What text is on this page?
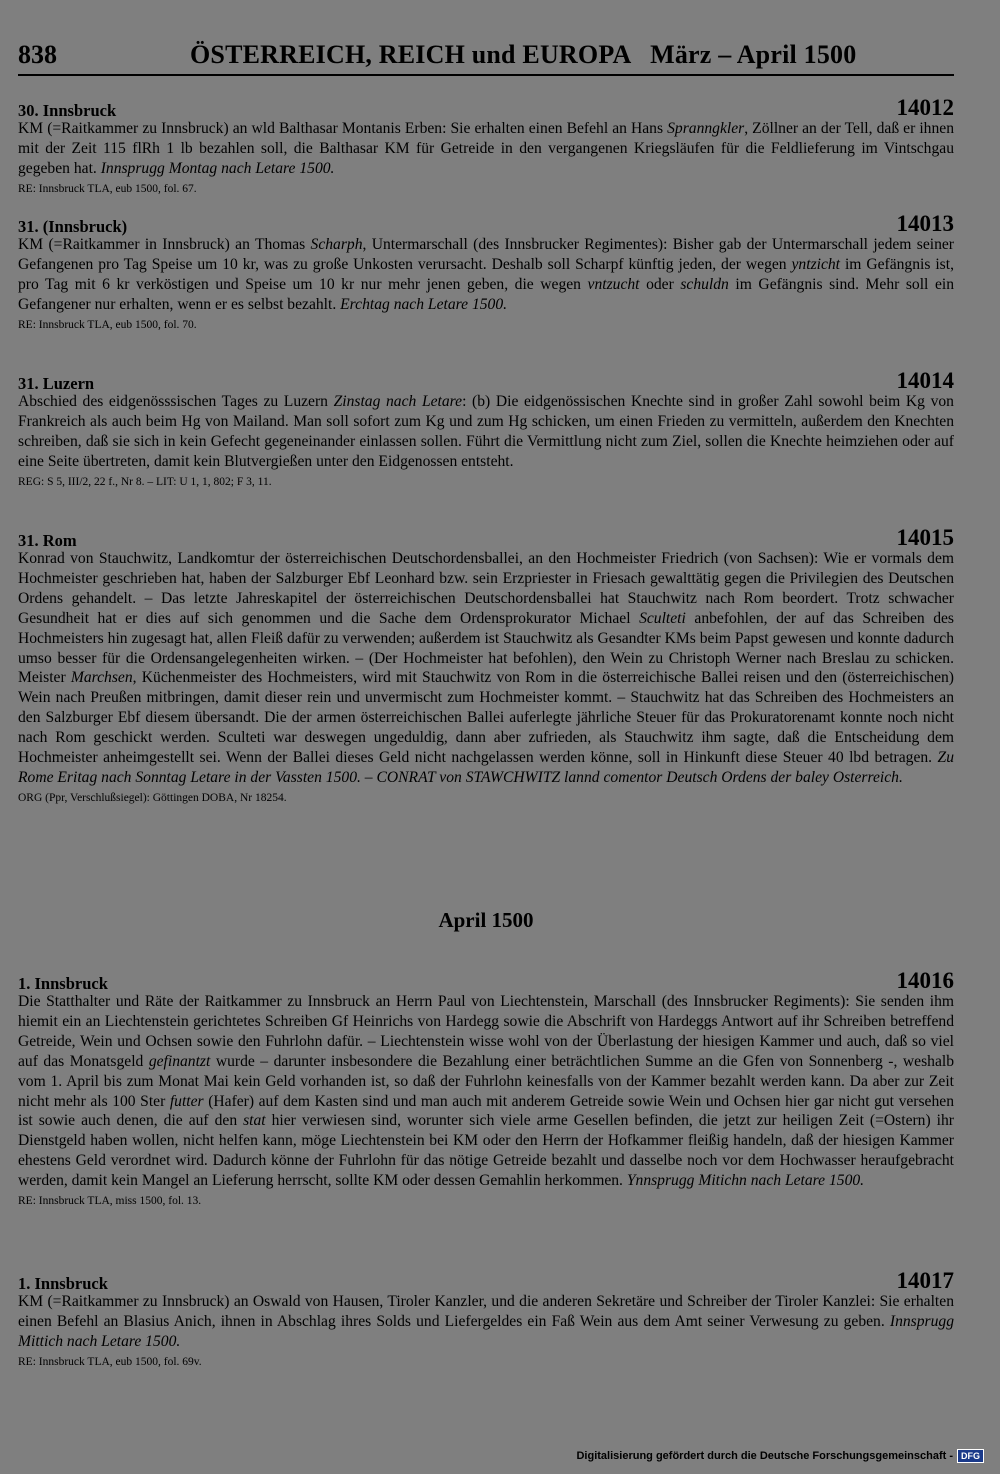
838	ÖSTERREICH, REICH und EUROPA   März – April 1500
30. Innsbruck	14012

KM (=Raitkammer zu Innsbruck) an wld Balthasar Montanis Erben: Sie erhalten einen Befehl an Hans Spranngkler, Zöllner an der Tell, daß er ihnen mit der Zeit 115 flRh 1 lb bezahlen soll, die Balthasar KM für Getreide in den vergangenen Kriegsläufen für die Feldlieferung im Vintschgau gegeben hat. Innsprugg Montag nach Letare 1500.

RE: Innsbruck TLA, eub 1500, fol. 67.
31. (Innsbruck)	14013

KM (=Raitkammer in Innsbruck) an Thomas Scharph, Untermarschall (des Innsbrucker Regimentes): Bisher gab der Untermarschall jedem seiner Gefangenen pro Tag Speise um 10 kr, was zu große Unkosten verursacht. Deshalb soll Scharpf künftig jeden, der wegen yntzicht im Gefängnis ist, pro Tag mit 6 kr verköstigen und Speise um 10 kr nur mehr jenen geben, die wegen vntzucht oder schuldn im Gefängnis sind. Mehr soll ein Gefangener nur erhalten, wenn er es selbst bezahlt. Erchtag nach Letare 1500.

RE: Innsbruck TLA, eub 1500, fol. 70.
31. Luzern	14014

Abschied des eidgenösssischen Tages zu Luzern Zinstag nach Letare: (b) Die eidgenössischen Knechte sind in großer Zahl sowohl beim Kg von Frankreich als auch beim Hg von Mailand. Man soll sofort zum Kg und zum Hg schicken, um einen Frieden zu vermitteln, außerdem den Knechten schreiben, daß sie sich in kein Gefecht gegeneinander einlassen sollen. Führt die Vermittlung nicht zum Ziel, sollen die Knechte heimziehen oder auf eine Seite übertreten, damit kein Blutvergießen unter den Eidgenossen entsteht.

REG: S 5, III/2, 22 f., Nr 8. – LIT: U 1, 1, 802; F 3, 11.
31. Rom	14015

Konrad von Stauchwitz, Landkomtur der österreichischen Deutschordensballei, an den Hochmeister Friedrich (von Sachsen): Wie er vormals dem Hochmeister geschrieben hat, haben der Salzburger Ebf Leonhard bzw. sein Erzpriester in Friesach gewalttätig gegen die Privilegien des Deutschen Ordens gehandelt. – Das letzte Jahreskapitel der österreichischen Deutschordensballei hat Stauchwitz nach Rom beordert. Trotz schwacher Gesundheit hat er dies auf sich genommen und die Sache dem Ordensprokurator Michael Sculteti anbefohlen, der auf das Schreiben des Hochmeisters hin zugesagt hat, allen Fleiß dafür zu verwenden; außerdem ist Stauchwitz als Gesandter KMs beim Papst gewesen und konnte dadurch umso besser für die Ordensangelegenheiten wirken. – (Der Hochmeister hat befohlen), den Wein zu Christoph Werner nach Breslau zu schicken. Meister Marchsen, Küchenmeister des Hochmeisters, wird mit Stauchwitz von Rom in die österreichische Ballei reisen und den (österreichischen) Wein nach Preußen mitbringen, damit dieser rein und unvermischt zum Hochmeister kommt. – Stauchwitz hat das Schreiben des Hochmeisters an den Salzburger Ebf diesem übersandt. Die der armen österreichischen Ballei auferlegte jährliche Steuer für das Prokuratorenamt konnte noch nicht nach Rom geschickt werden. Sculteti war deswegen ungeduldig, dann aber zufrieden, als Stauchwitz ihm sagte, daß die Entscheidung dem Hochmeister anheimgestellt sei. Wenn der Ballei dieses Geld nicht nachgelassen werden könne, soll in Hinkunft diese Steuer 40 lbd betragen. Zu Rome Eritag nach Sonntag Letare in der Vassten 1500. – CONRAT von STAWCHWITZ lannd comentor Deutsch Ordens der baley Osterreich.

ORG (Ppr, Verschlußsiegel): Göttingen DOBA, Nr 18254.
April 1500
1. Innsbruck	14016

Die Statthalter und Räte der Raitkammer zu Innsbruck an Herrn Paul von Liechtenstein, Marschall (des Innsbrucker Regiments): Sie senden ihm hiemit ein an Liechtenstein gerichtetes Schreiben Gf Heinrichs von Hardegg sowie die Abschrift von Hardeggs Antwort auf ihr Schreiben betreffend Getreide, Wein und Ochsen sowie den Fuhrlohn dafür. – Liechtenstein wisse wohl von der Überlastung der hiesigen Kammer und auch, daß so viel auf das Monatsgeld gefinantzt wurde – darunter insbesondere die Bezahlung einer beträchtlichen Summe an die Gfen von Sonnenberg -, weshalb vom 1. April bis zum Monat Mai kein Geld vorhanden ist, so daß der Fuhrlohn keinesfalls von der Kammer bezahlt werden kann. Da aber zur Zeit nicht mehr als 100 Ster futter (Hafer) auf dem Kasten sind und man auch mit anderem Getreide sowie Wein und Ochsen hier gar nicht gut versehen ist sowie auch denen, die auf den stat hier verwiesen sind, worunter sich viele arme Gesellen befinden, die jetzt zur heiligen Zeit (=Ostern) ihr Dienstgeld haben wollen, nicht helfen kann, möge Liechtenstein bei KM oder den Herrn der Hofkammer fleißig handeln, daß der hiesigen Kammer ehestens Geld verordnet wird. Dadurch könne der Fuhrlohn für das nötige Getreide bezahlt und dasselbe noch vor dem Hochwasser heraufgebracht werden, damit kein Mangel an Lieferung herrscht, sollte KM oder dessen Gemahlin herkommen. Ynnsprugg Mitichn nach Letare 1500.

RE: Innsbruck TLA, miss 1500, fol. 13.
1. Innsbruck	14017

KM (=Raitkammer zu Innsbruck) an Oswald von Hausen, Tiroler Kanzler, und die anderen Sekretäre und Schreiber der Tiroler Kanzlei: Sie erhalten einen Befehl an Blasius Anich, ihnen in Abschlag ihres Solds und Liefergeldes ein Faß Wein aus dem Amt seiner Verwesung zu geben. Innsprugg Mittich nach Letare 1500.

RE: Innsbruck TLA, eub 1500, fol. 69v.
Digitalisierung gefördert durch die Deutsche Forschungsgemeinschaft - DFG
